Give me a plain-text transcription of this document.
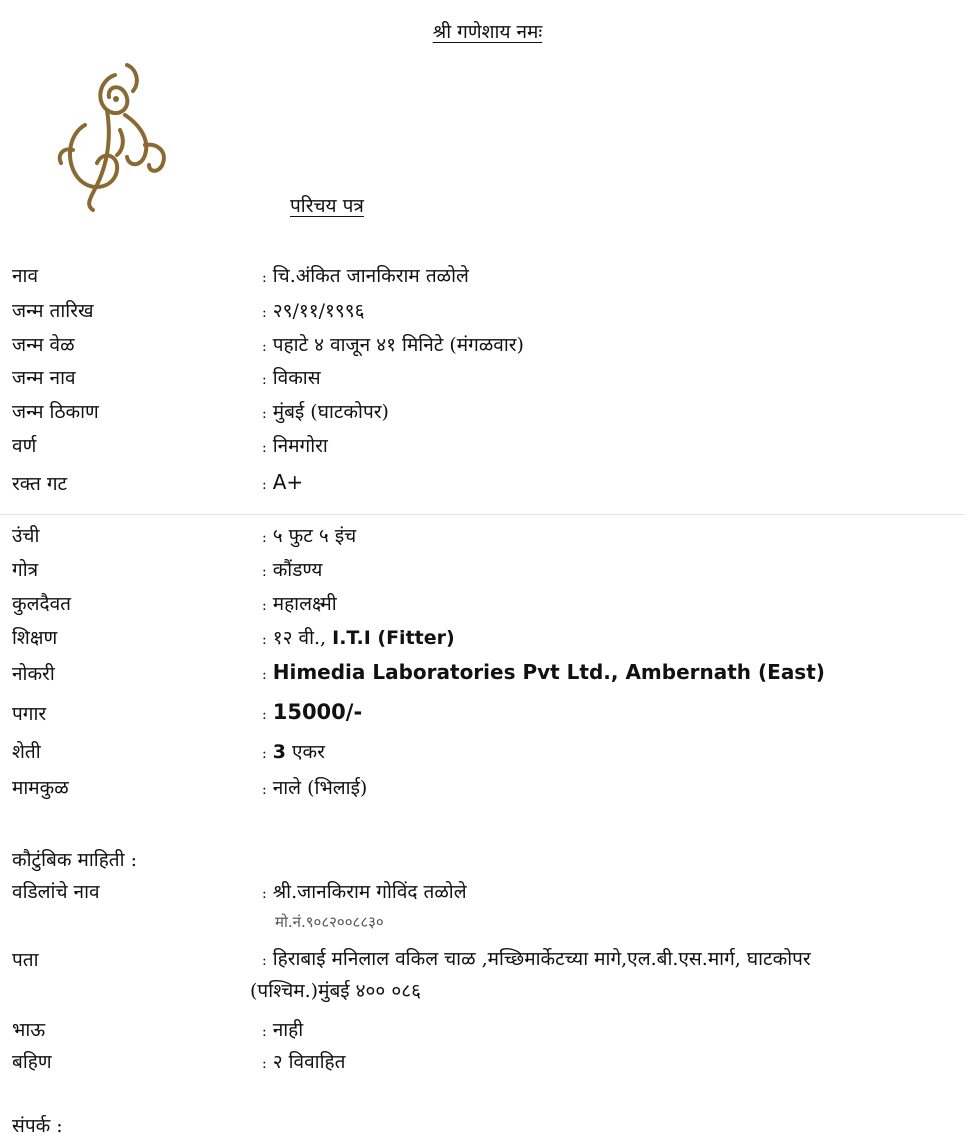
श्री गणेशाय नमः
परिचय पत्र
नाव	: चि.अंकित जानकिराम तळोले
जन्म तारिख	: २९/११/१९९६
जन्म वेळ	: पहाटे ४ वाजून ४१ मिनिटे (मंगळवार)
जन्म नाव	: विकास
जन्म ठिकाण	: मुंबई (घाटकोपर)
वर्ण	: निमगोरा
रक्त गट	: A+
उंची	: ५ फुट ५ इंच
गोत्र	: कौंडण्य
कुलदैवत	: महालक्ष्मी
शिक्षण	: १२ वी., I.T.I (Fitter)
नोकरी	: Himedia Laboratories Pvt Ltd., Ambernath (East)
पगार	: 15000/-
शेती	: 3 एकर
मामकुळ	: नाले (भिलाई)
कौटुंबिक माहिती :
वडिलांचे नाव	: श्री.जानकिराम गोविंद तळोले
मो.नं.९०८२००८८३०
पता	: हिराबाई मनिलाल वकिल चाळ ,मच्छिमार्केटच्या मागे,एल.बी.एस.मार्ग, घाटकोपर
(पश्चिम.)मुंबई ४०० ०८६
भाऊ	: नाही
बहिण	: २ विवाहित
संपर्क :
